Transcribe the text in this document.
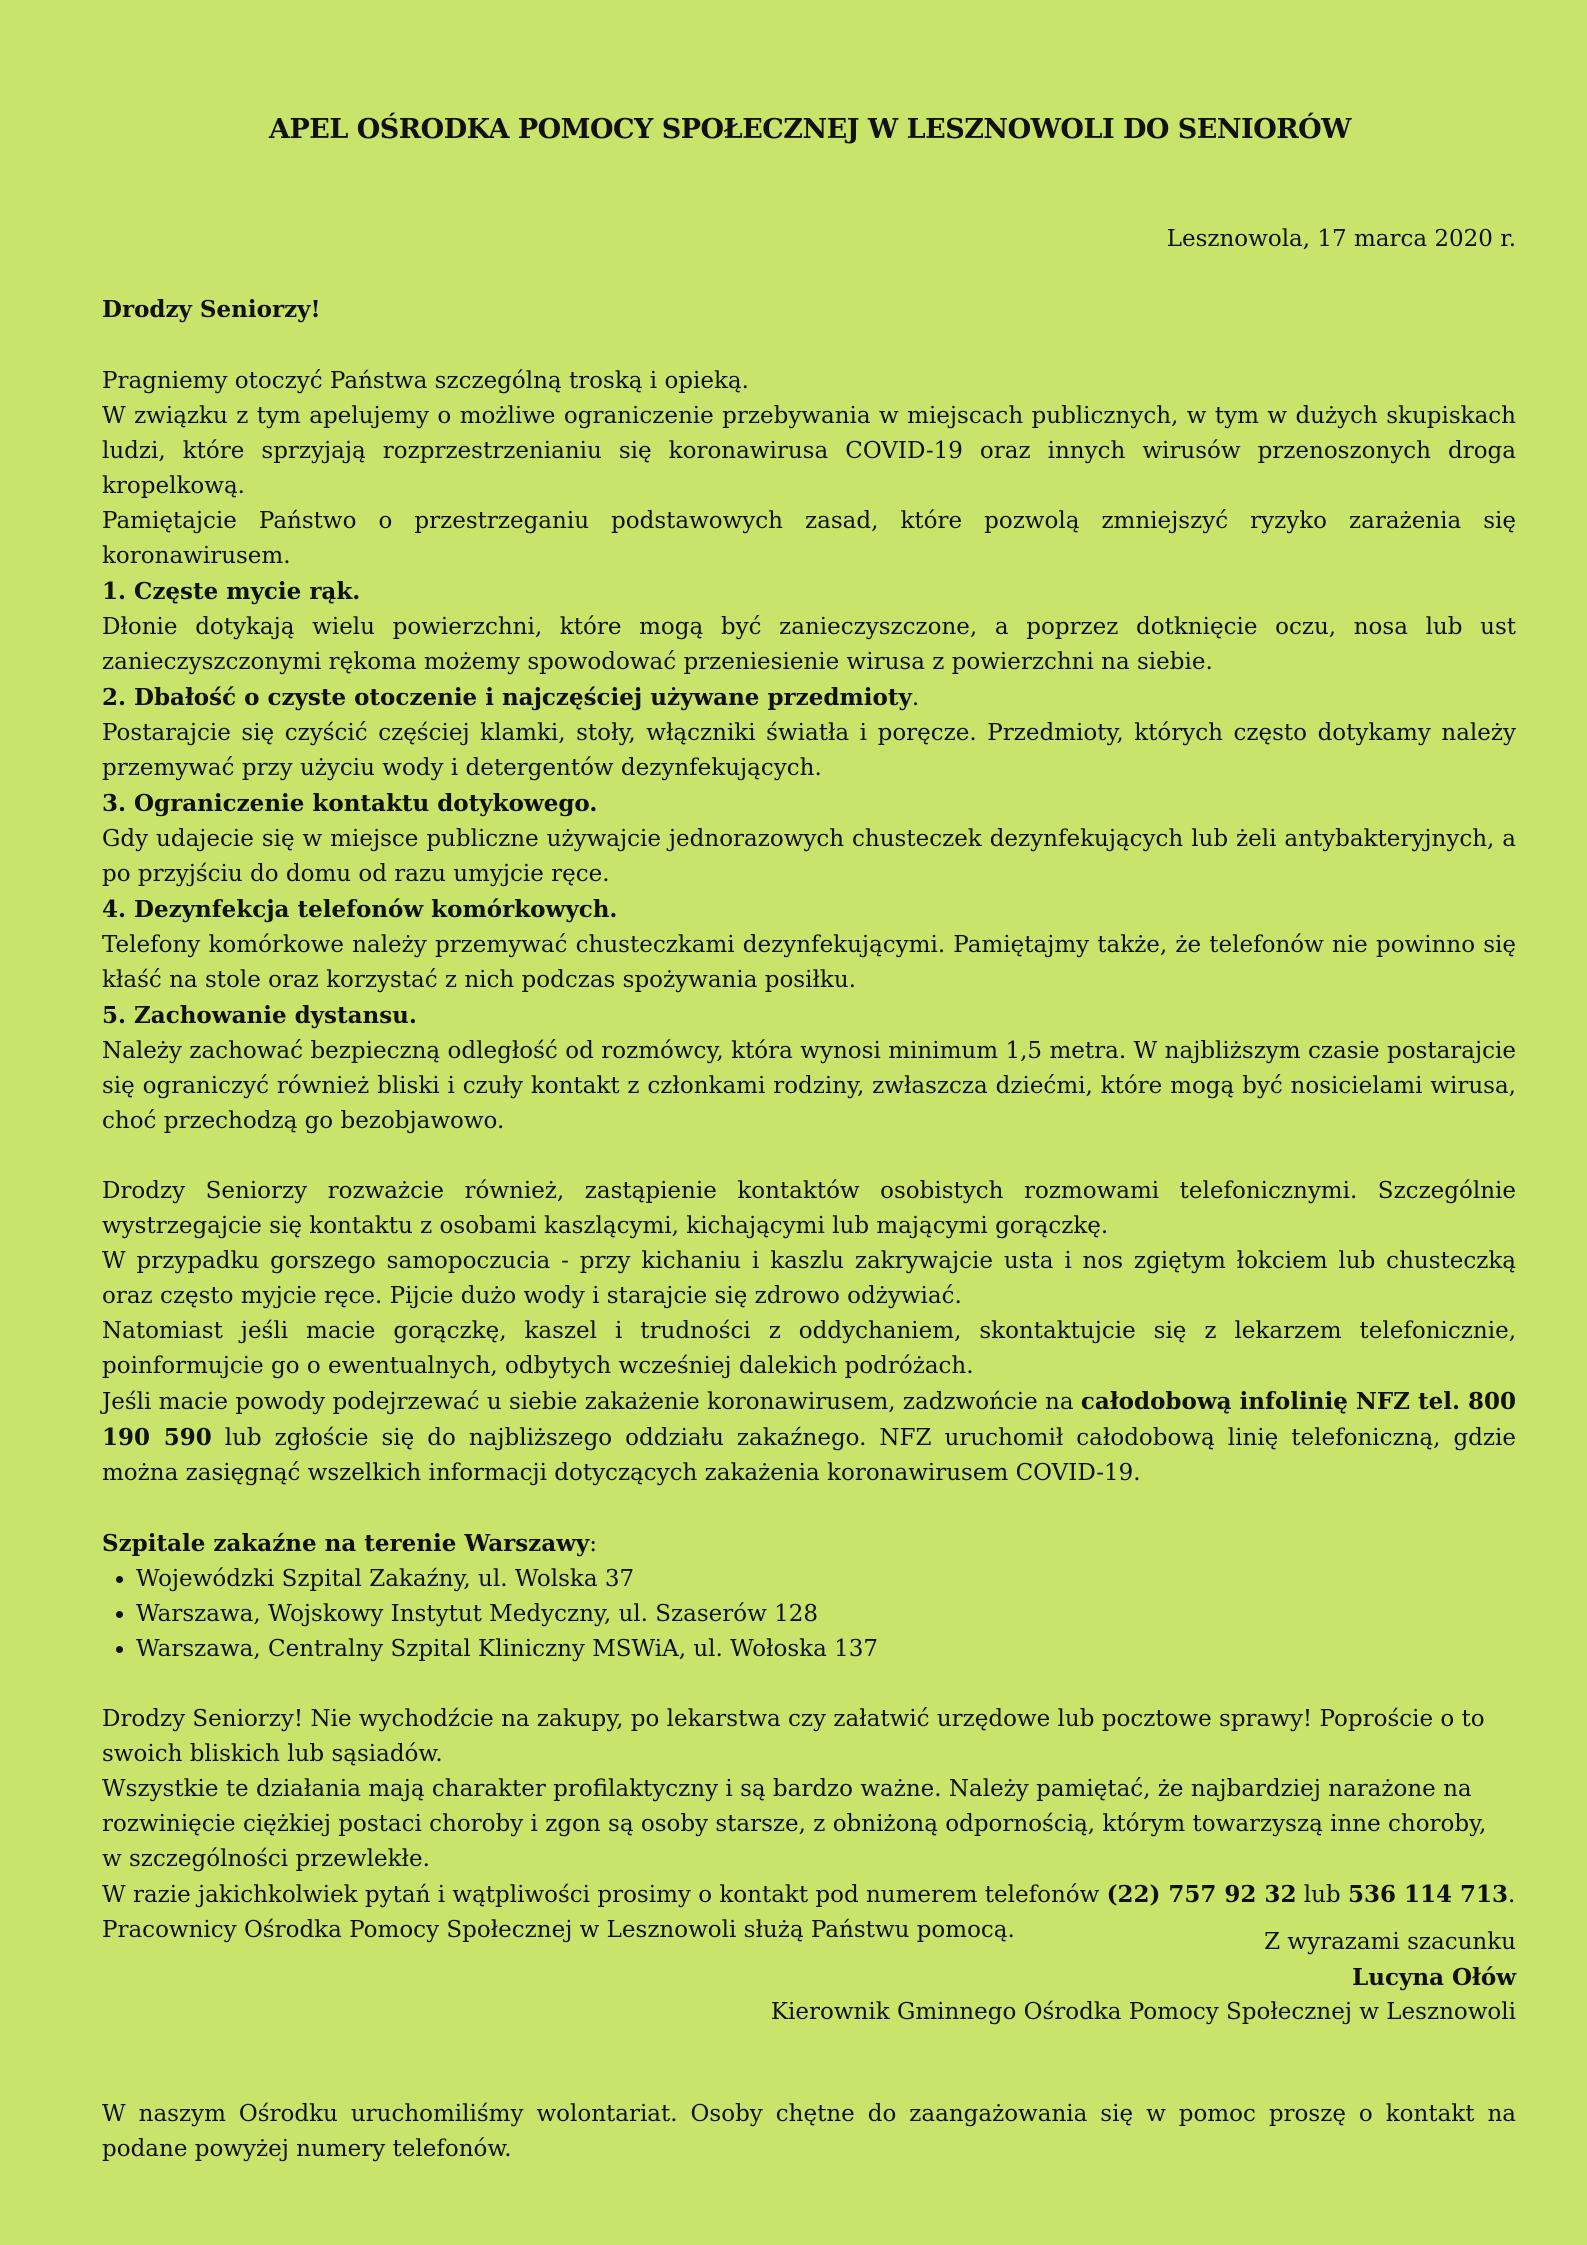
APEL OŚRODKA POMOCY SPOŁECZNEJ W LESZNOWOLI DO SENIORÓW
Lesznowola, 17 marca 2020 r.
Drodzy Seniorzy!

Pragniemy otoczyć Państwa szczególną troską i opieką.

W związku z tym apelujemy o możliwe ograniczenie przebywania w miejscach publicznych, w tym w dużych skupiskach ludzi, które sprzyjają rozprzestrzenianiu się koronawirusa COVID-19 oraz innych wirusów przenoszonych droga kropelkową.

Pamiętajcie Państwo o przestrzeganiu podstawowych zasad, które pozwolą zmniejszyć ryzyko zarażenia się koronawirusem.

1. Częste mycie rąk.

Dłonie dotykają wielu powierzchni, które mogą być zanieczyszczone, a poprzez dotknięcie oczu, nosa lub ust zanieczyszczonymi rękoma możemy spowodować przeniesienie wirusa z powierzchni na siebie.

2. Dbałość o czyste otoczenie i najczęściej używane przedmioty.

Postarajcie się czyścić częściej klamki, stoły, włączniki światła i poręcze. Przedmioty, których często dotykamy należy przemywać przy użyciu wody i detergentów dezynfekujących.

3. Ograniczenie kontaktu dotykowego.

Gdy udajecie się w miejsce publiczne używajcie jednorazowych chusteczek dezynfekujących lub żeli antybakteryjnych, a po przyjściu do domu od razu umyjcie ręce.

4. Dezynfekcja telefonów komórkowych.

Telefony komórkowe należy przemywać chusteczkami dezynfekującymi. Pamiętajmy także, że telefonów nie powinno się kłaść na stole oraz korzystać z nich podczas spożywania posiłku.

5. Zachowanie dystansu.

Należy zachować bezpieczną odległość od rozmówcy, która wynosi minimum 1,5 metra. W najbliższym czasie postarajcie się ograniczyć również bliski i czuły kontakt z członkami rodziny, zwłaszcza dziećmi, które mogą być nosicielami wirusa, choć przechodzą go bezobjawowo.

Drodzy Seniorzy rozważcie również, zastąpienie kontaktów osobistych rozmowami telefonicznymi. Szczególnie wystrzegajcie się kontaktu z osobami kaszlącymi, kichającymi lub mającymi gorączkę.

W przypadku gorszego samopoczucia - przy kichaniu i kaszlu zakrywajcie usta i nos zgiętym łokciem lub chusteczką oraz często myjcie ręce. Pijcie dużo wody i starajcie się zdrowo odżywiać.

Natomiast jeśli macie gorączkę, kaszel i trudności z oddychaniem, skontaktujcie się z lekarzem telefonicznie, poinformujcie go o ewentualnych, odbytych wcześniej dalekich podróżach.

Jeśli macie powody podejrzewać u siebie zakażenie koronawirusem, zadzwońcie na całodobową infolinię NFZ tel. 800 190 590 lub zgłoście się do najbliższego oddziału zakaźnego. NFZ uruchomił całodobową linię telefoniczną, gdzie można zasięgnąć wszelkich informacji dotyczących zakażenia koronawirusem COVID-19.

Szpitale zakaźne na terenie Warszawy:

• Wojewódzki Szpital Zakaźny, ul. Wolska 37
• Warszawa, Wojskowy Instytut Medyczny, ul. Szaserów 128
• Warszawa, Centralny Szpital Kliniczny MSWiA, ul. Wołoska 137

Drodzy Seniorzy! Nie wychodźcie na zakupy, po lekarstwa czy załatwić urzędowe lub pocztowe sprawy! Poproście o to

swoich bliskich lub sąsiadów.

Wszystkie te działania mają charakter profilaktyczny i są bardzo ważne. Należy pamiętać, że najbardziej narażone na

rozwinięcie ciężkiej postaci choroby i zgon są osoby starsze, z obniżoną odpornością, którym towarzyszą inne choroby,

w szczególności przewlekłe.

W razie jakichkolwiek pytań i wątpliwości prosimy o kontakt pod numerem telefonów (22) 757 92 32 lub 536 114 713.

Pracownicy Ośrodka Pomocy Społecznej w Lesznowoli służą Państwu pomocą.	Z wyrazami szacunku
Lucyna Ołów
Kierownik Gminnego Ośrodka Pomocy Społecznej w Lesznowoli

W naszym Ośrodku uruchomiliśmy wolontariat. Osoby chętne do zaangażowania się w pomoc proszę o kontakt na podane powyżej numery telefonów.
